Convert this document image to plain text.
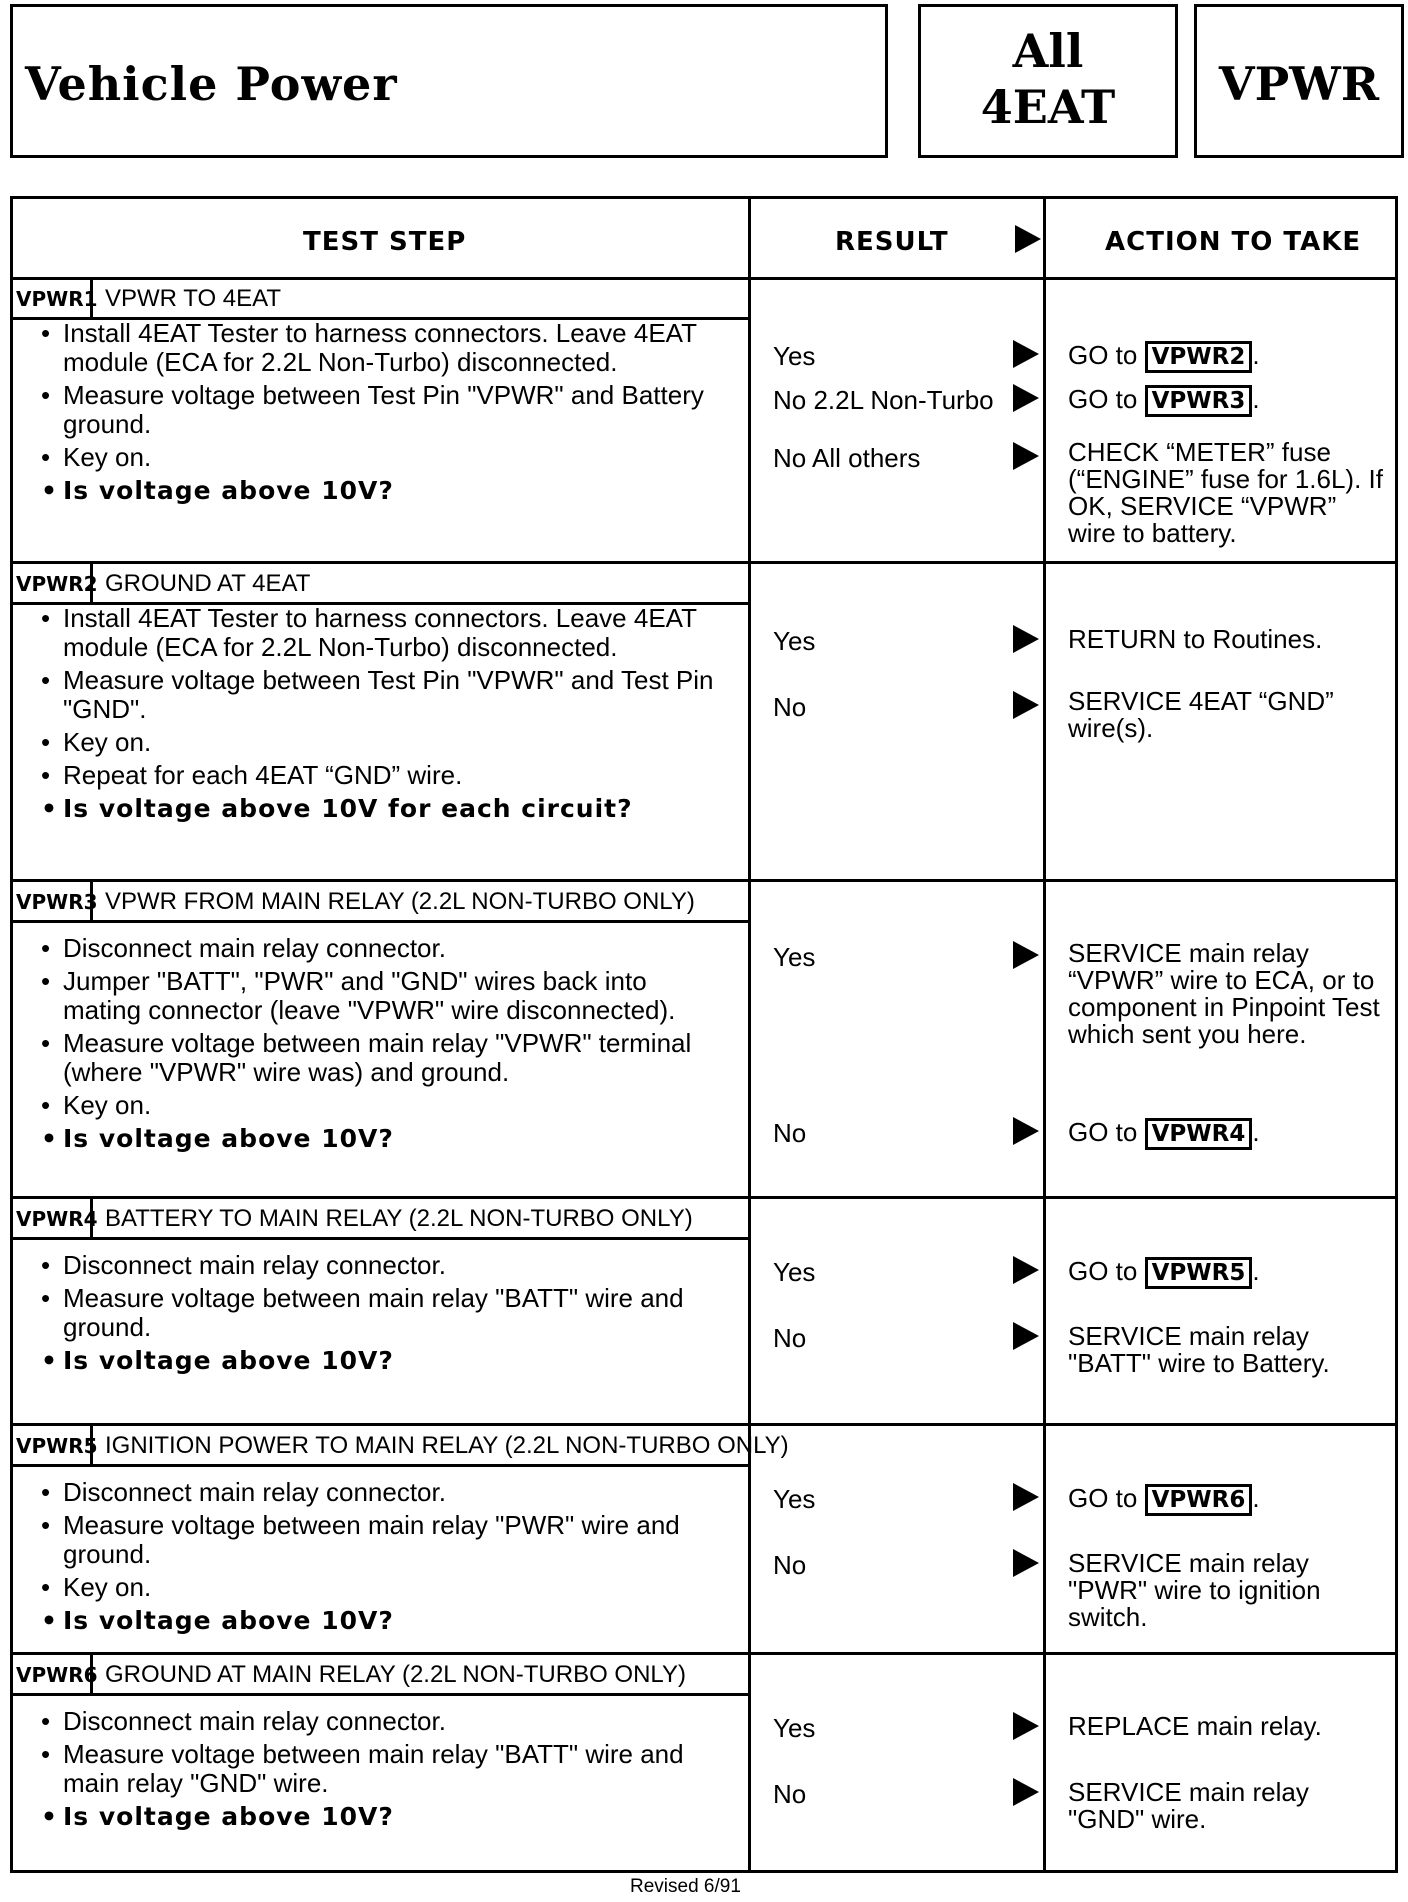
Vehicle Power
All
4EAT	VPWR
TEST STEP	RESULT	ACTION TO TAKE
VPWR1 VPWR TO 4EAT
• Install 4EAT Tester to harness connectors. Leave 4EAT module (ECA for 2.2L Non-Turbo) disconnected.
• Measure voltage between Test Pin "VPWR" and Battery ground.
• Key on.
• Is voltage above 10V?
Yes	GO to VPWR2 .
No 2.2L Non-Turbo	GO to VPWR3 .
No All others	CHECK “METER” fuse (“ENGINE” fuse for 1.6L). If OK, SERVICE “VPWR” wire to battery.
VPWR2 GROUND AT 4EAT
• Install 4EAT Tester to harness connectors. Leave 4EAT module (ECA for 2.2L Non-Turbo) disconnected.
• Measure voltage between Test Pin "VPWR" and Test Pin "GND".
• Key on.
• Repeat for each 4EAT “GND” wire.
• Is voltage above 10V for each circuit?
Yes	RETURN to Routines.
No	SERVICE 4EAT “GND” wire(s).
VPWR3 VPWR FROM MAIN RELAY (2.2L NON-TURBO ONLY)
• Disconnect main relay connector.
• Jumper "BATT", "PWR" and "GND" wires back into mating connector (leave "VPWR" wire disconnected).
• Measure voltage between main relay "VPWR" terminal (where "VPWR" wire was) and ground.
• Key on.
• Is voltage above 10V?
Yes	SERVICE main relay “VPWR” wire to ECA, or to component in Pinpoint Test which sent you here.
No	GO to VPWR4 .
VPWR4 BATTERY TO MAIN RELAY (2.2L NON-TURBO ONLY)
• Disconnect main relay connector.
• Measure voltage between main relay "BATT" wire and ground.
• Is voltage above 10V?
Yes	GO to VPWR5 .
No	SERVICE main relay "BATT" wire to Battery.
VPWR5 IGNITION POWER TO MAIN RELAY (2.2L NON-TURBO ONLY)
• Disconnect main relay connector.
• Measure voltage between main relay "PWR" wire and ground.
• Key on.
• Is voltage above 10V?
Yes	GO to VPWR6 .
No	SERVICE main relay "PWR" wire to ignition switch.
VPWR6 GROUND AT MAIN RELAY (2.2L NON-TURBO ONLY)
• Disconnect main relay connector.
• Measure voltage between main relay "BATT" wire and main relay "GND" wire.
• Is voltage above 10V?
Yes	REPLACE main relay.
No	SERVICE main relay "GND" wire.
Revised 6/91
